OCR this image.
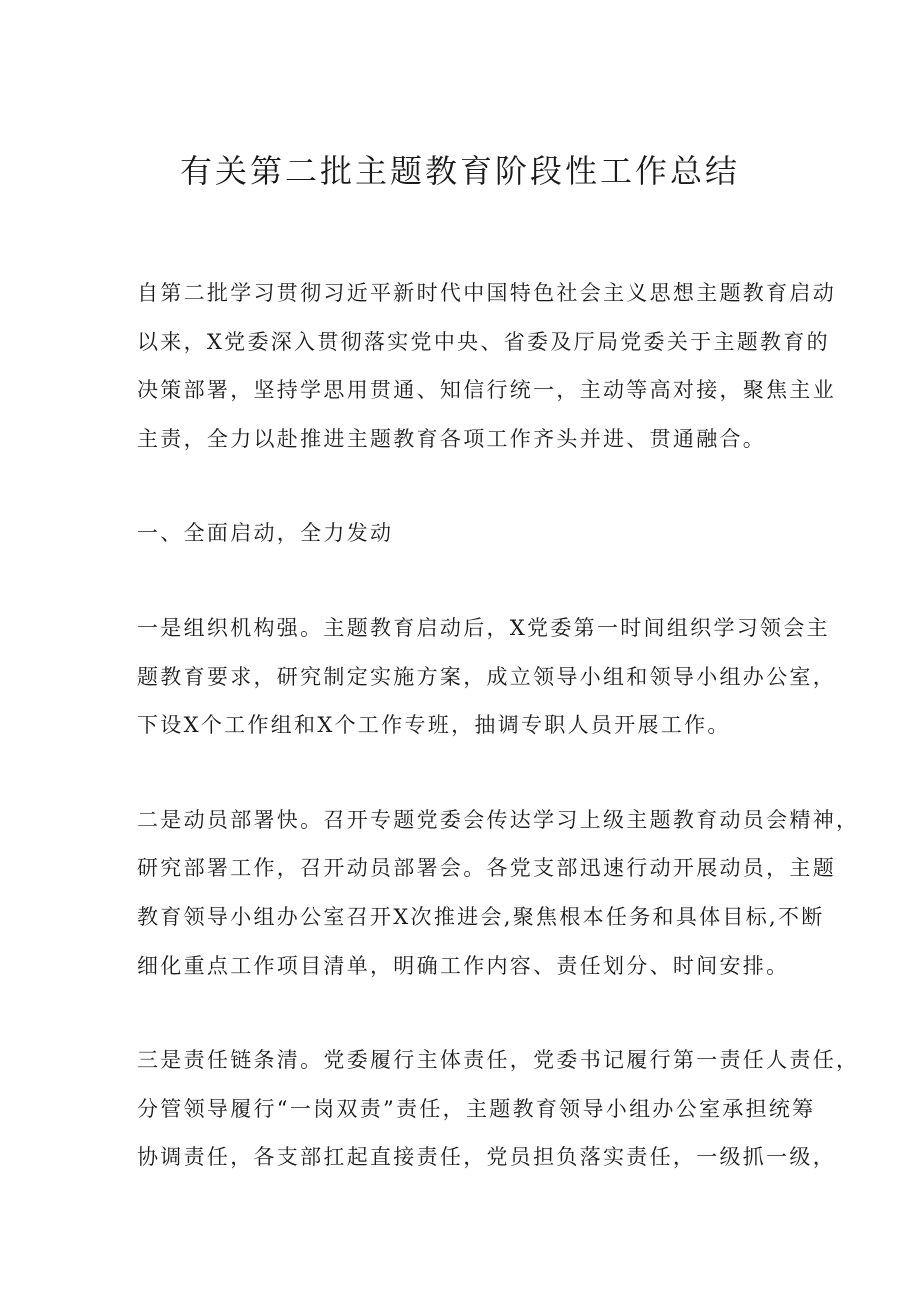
有关第二批主题教育阶段性工作总结

自第二批学习贯彻习近平新时代中国特色社会主义思想主题教育启动

以来，X党委深入贯彻落实党中央、省委及厅局党委关于主题教育的

决策部署，坚持学思用贯通、知信行统一，主动等高对接，聚焦主业

主责，全力以赴推进主题教育各项工作齐头并进、贯通融合。

一、全面启动，全力发动

一是组织机构强。主题教育启动后，X党委第一时间组织学习领会主

题教育要求，研究制定实施方案，成立领导小组和领导小组办公室，

下设X个工作组和X个工作专班，抽调专职人员开展工作。

二是动员部署快。召开专题党委会传达学习上级主题教育动员会精神，

研究部署工作，召开动员部署会。各党支部迅速行动开展动员，主题

教育领导小组办公室召开X次推进会,聚焦根本任务和具体目标,不断

细化重点工作项目清单，明确工作内容、责任划分、时间安排。

三是责任链条清。党委履行主体责任，党委书记履行第一责任人责任，

分管领导履行“一岗双责”责任，主题教育领导小组办公室承担统筹

协调责任，各支部扛起直接责任，党员担负落实责任，一级抓一级，
